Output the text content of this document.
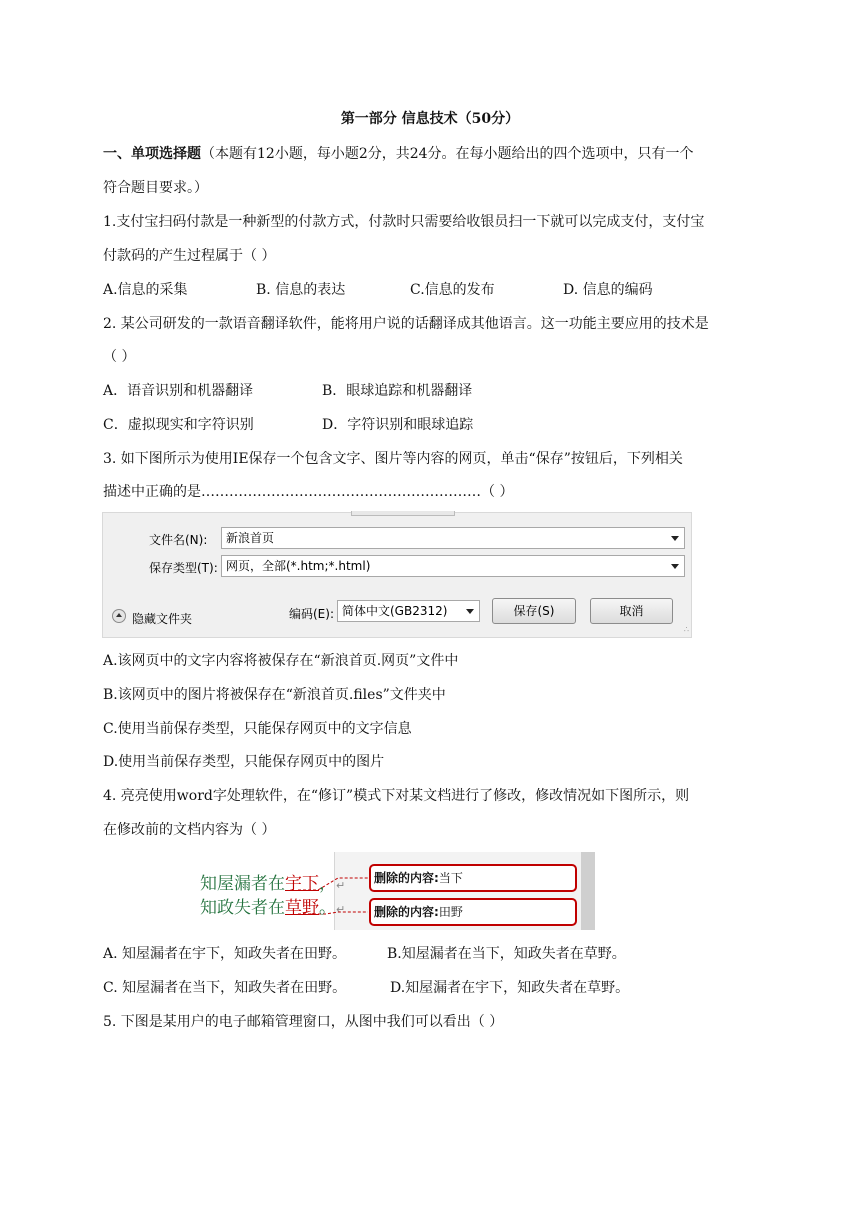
第一部分 信息技术（50分）
一、单项选择题（本题有12小题，每小题2分，共24分。在每小题给出的四个选项中，只有一个
符合题目要求。）
1.支付宝扫码付款是一种新型的付款方式，付款时只需要给收银员扫一下就可以完成支付，支付宝
付款码的产生过程属于（ ）
A.信息的采集	B. 信息的表达	C.信息的发布	D. 信息的编码
2. 某公司研发的一款语音翻译软件，能将用户说的话翻译成其他语言。这一功能主要应用的技术是
（ ）
A．语音识别和机器翻译	B．眼球追踪和机器翻译
C．虚拟现实和字符识别	D．字符识别和眼球追踪
3. 如下图所示为使用IE保存一个包含文字、图片等内容的网页，单击“保存”按钮后，下列相关
描述中正确的是……………………………………………………（ ）
文件名(N):	新浪首页
保存类型(T): 网页，全部(*.htm;*.html)
隐藏文件夹	编码(E): 简体中文(GB2312)	保存(S)	取消
∴
A.该网页中的文字内容将被保存在“新浪首页.网页”文件中
B.该网页中的图片将被保存在“新浪首页.files”文件夹中
C.使用当前保存类型，只能保存网页中的文字信息
D.使用当前保存类型，只能保存网页中的图片
4. 亮亮使用word字处理软件，在“修订”模式下对某文档进行了修改，修改情况如下图所示，则
在修改前的文档内容为（ ）
删除的内容:当下
删除的内容:田野
知屋漏者在宇下，↵
知政失者在草野。↵
A. 知屋漏者在宇下，知政失者在田野。	B.知屋漏者在当下，知政失者在草野。
C. 知屋漏者在当下，知政失者在田野。	D.知屋漏者在宇下，知政失者在草野。
5. 下图是某用户的电子邮箱管理窗口，从图中我们可以看出（ ）
